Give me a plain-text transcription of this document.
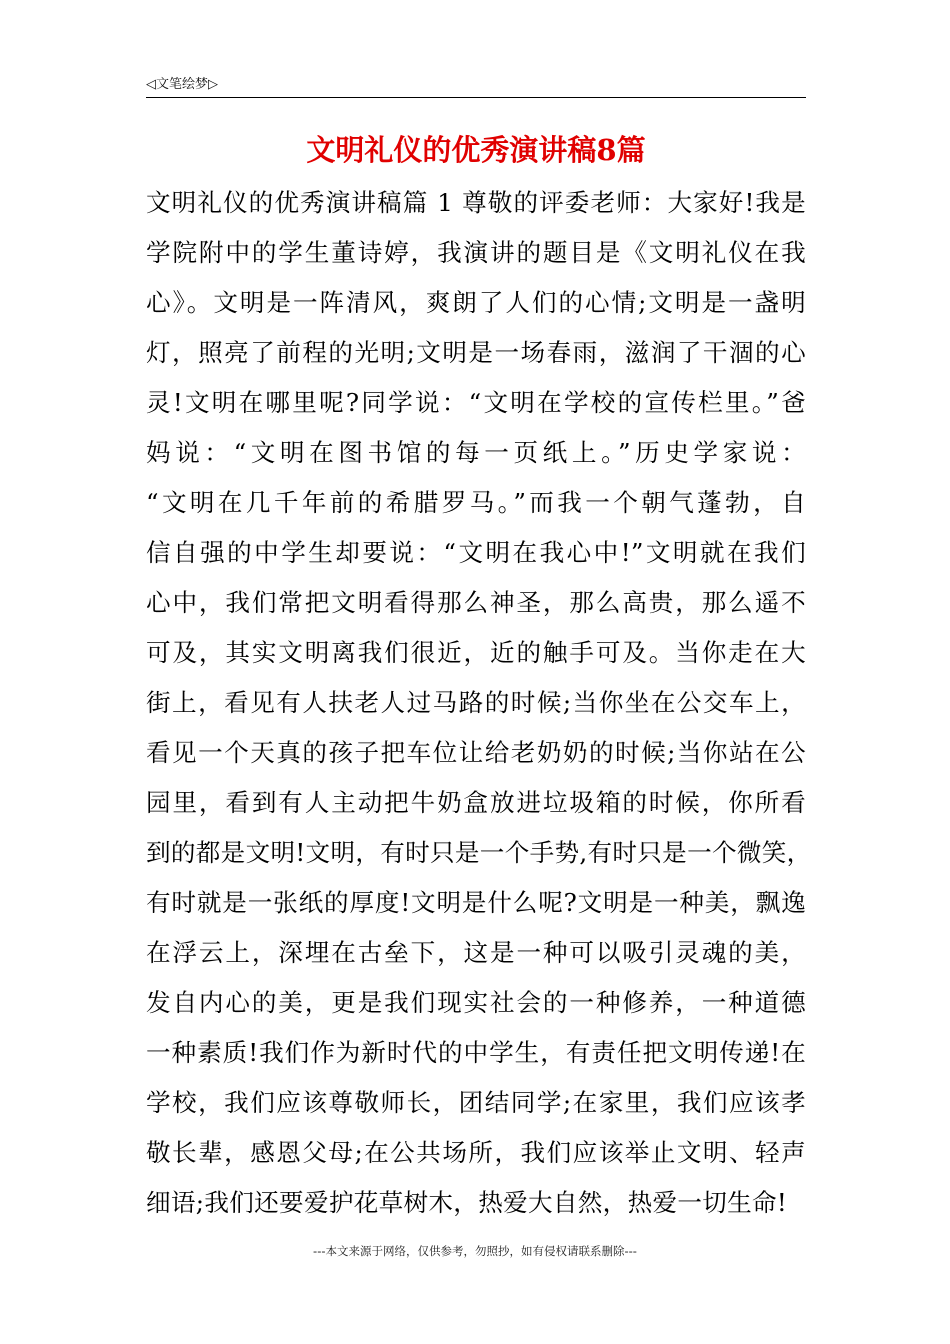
◁文笔绘梦▷
文明礼仪的优秀演讲稿8篇
文明礼仪的优秀演讲稿篇 1 尊敬的评委老师：大家好!我是
学院附中的学生董诗婷，我演讲的题目是《文明礼仪在我
心》。文明是一阵清风，爽朗了人们的心情;文明是一盏明
灯，照亮了前程的光明;文明是一场春雨，滋润了干涸的心
灵!文明在哪里呢?同学说：“文明在学校的宣传栏里。”爸
妈说：“文明在图书馆的每一页纸上。”历史学家说：
“文明在几千年前的希腊罗马。”而我一个朝气蓬勃，自
信自强的中学生却要说：“文明在我心中!”文明就在我们
心中，我们常把文明看得那么神圣，那么高贵，那么遥不
可及，其实文明离我们很近，近的触手可及。当你走在大
街上，看见有人扶老人过马路的时候;当你坐在公交车上，
看见一个天真的孩子把车位让给老奶奶的时候;当你站在公
园里，看到有人主动把牛奶盒放进垃圾箱的时候，你所看
到的都是文明!文明，有时只是一个手势,有时只是一个微笑，
有时就是一张纸的厚度!文明是什么呢?文明是一种美，飘逸
在浮云上，深埋在古垒下，这是一种可以吸引灵魂的美，
发自内心的美，更是我们现实社会的一种修养，一种道德
一种素质!我们作为新时代的中学生，有责任把文明传递!在
学校，我们应该尊敬师长，团结同学;在家里，我们应该孝
敬长辈，感恩父母;在公共场所，我们应该举止文明、轻声
细语;我们还要爱护花草树木，热爱大自然，热爱一切生命!
---本文来源于网络，仅供参考，勿照抄，如有侵权请联系删除---
